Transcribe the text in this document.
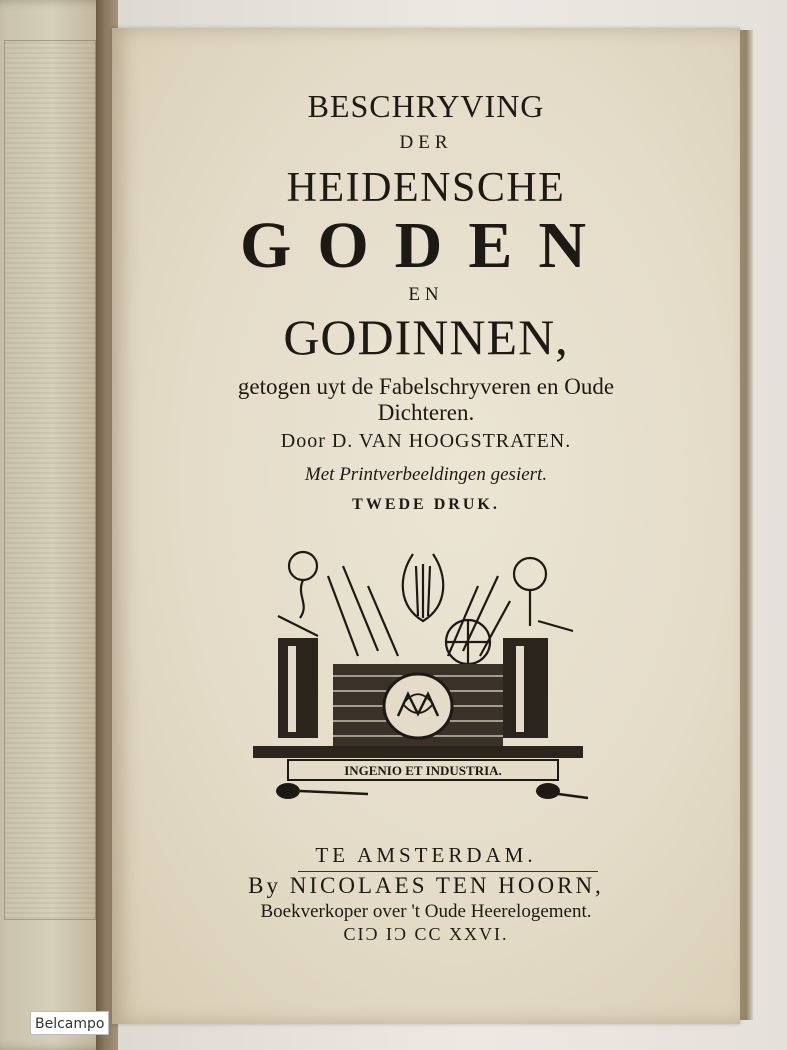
BESCHRYVING
DER
HEIDENSCHE
GODEN
EN
GODINNEN,
getogen uyt de Fabelschryveren en Oude
Dichteren.
Door D. VAN HOOGSTRATEN.
Met Printverbeeldingen gesiert.
TWEDE DRUK.
INGENIO ET INDUSTRIA.
TE AMSTERDAM.
By NICOLAES TEN HOORN,
Boekverkoper over 't Oude Heerelogement.
CIƆ IƆ CC XXVI.
Belcampo
